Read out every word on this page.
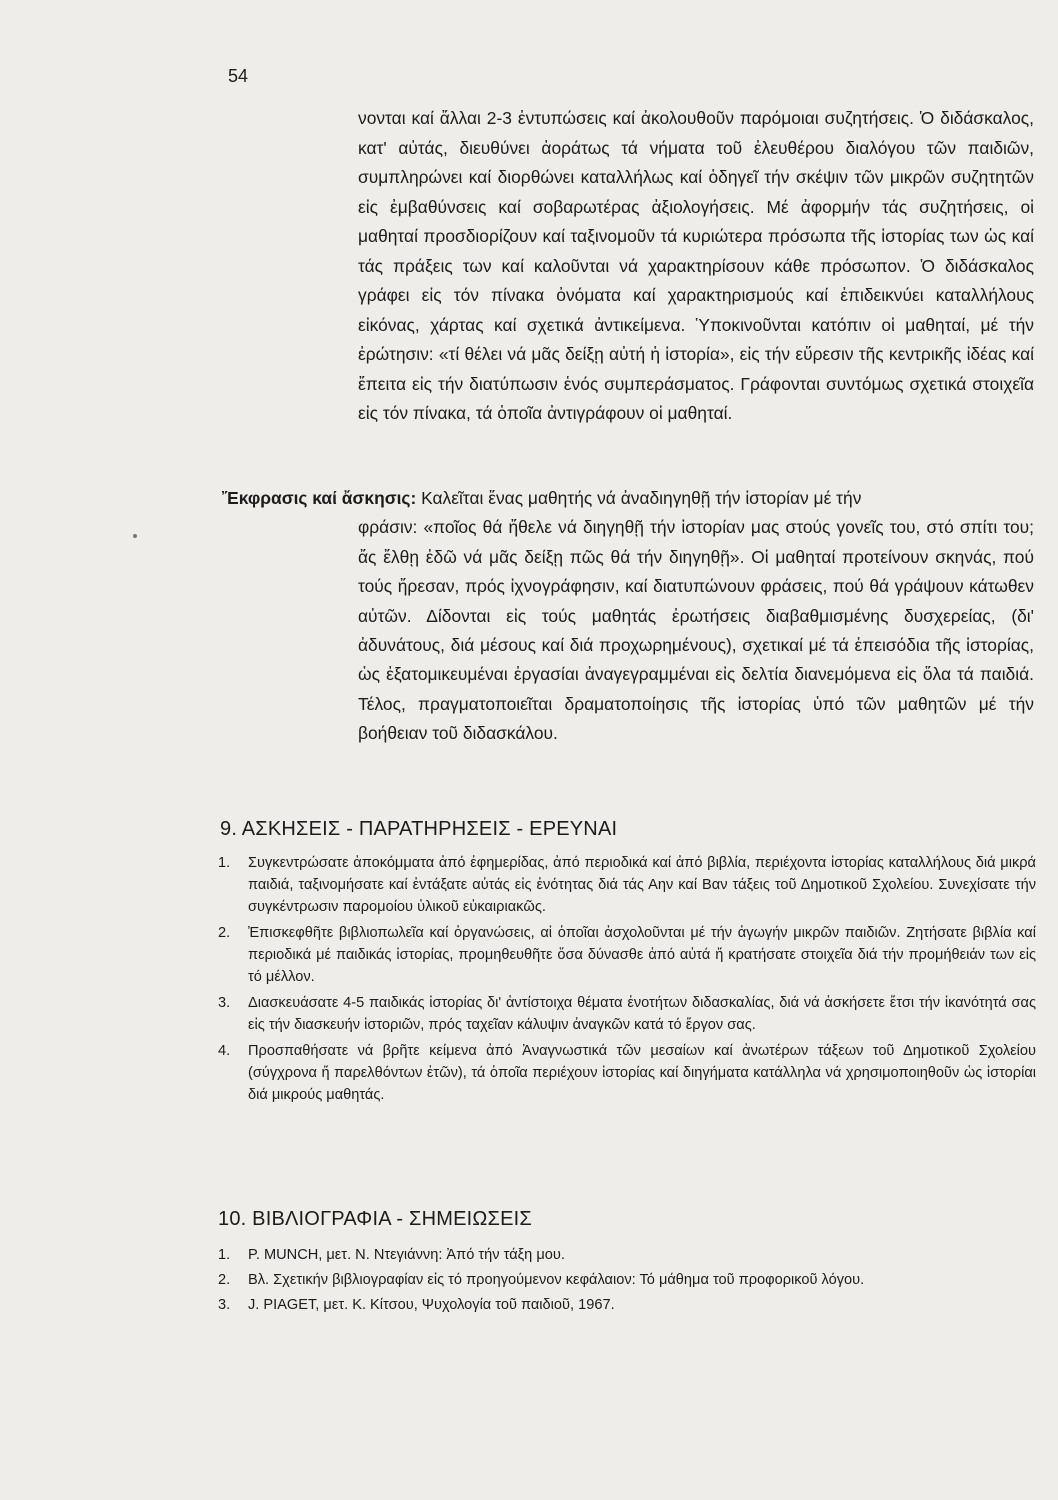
54

νονται καί ἄλλαι 2-3 ἐντυπώσεις καί ἀκολουθοῦν παρόμοιαι συζητήσεις. Ὁ διδάσκαλος, κατ' αὐτάς, διευθύνει ἀοράτως τά νήματα τοῦ ἐλευθέρου διαλόγου τῶν παιδιῶν, συμπληρώνει καί διορθώνει καταλλήλως καί ὁδηγεῖ τήν σκέψιν τῶν μικρῶν συζητητῶν εἰς ἐμβαθύνσεις καί σοβαρωτέρας ἀξιολογήσεις. Μέ ἀφορμήν τάς συζητήσεις, οἱ μαθηταί προσδιορίζουν καί ταξινομοῦν τά κυριώτερα πρόσωπα τῆς ἱστορίας των ὡς καί τάς πράξεις των καί καλοῦνται νά χαρακτηρίσουν κάθε πρόσωπον. Ὁ διδάσκαλος γράφει εἰς τόν πίνακα ὀνόματα καί χαρακτηρισμούς καί ἐπιδεικνύει καταλλήλους εἰκόνας, χάρτας καί σχετικά ἀντικείμενα. Ὑποκινοῦνται κατόπιν οἱ μαθηταί, μέ τήν ἐρώτησιν: «τί θέλει νά μᾶς δείξῃ αὐτή ἡ ἱστορία», εἰς τήν εὕρεσιν τῆς κεντρικῆς ἰδέας καί ἔπειτα εἰς τήν διατύπωσιν ἑνός συμπεράσματος. Γράφονται συντόμως σχετικά στοιχεῖα εἰς τόν πίνακα, τά ὁποῖα ἀντιγράφουν οἱ μαθηταί.

Ἔκφρασις καί ἄσκησις: Καλεῖται ἕνας μαθητής νά ἀναδιηγηθῇ τήν ἱστορίαν μέ τήν
φράσιν: «ποῖος θά ἤθελε νά διηγηθῇ τήν ἱστορίαν μας στούς γονεῖς του, στό σπίτι του; ἄς ἔλθῃ ἐδῶ νά μᾶς δείξῃ πῶς θά τήν διηγηθῇ». Οἱ μαθηταί προτείνουν σκηνάς, πού τούς ἤρεσαν, πρός ἰχνογράφησιν, καί διατυπώνουν φράσεις, πού θά γράψουν κάτωθεν αὐτῶν. Δίδονται εἰς τούς μαθητάς ἐρωτήσεις διαβαθμισμένης δυσχερείας, (δι' ἀδυνάτους, διά μέσους καί διά προχωρημένους), σχετικαί μέ τά ἐπεισόδια τῆς ἱστορίας, ὡς ἐξατομικευμέναι ἐργασίαι ἀναγεγραμμέναι εἰς δελτία διανεμόμενα εἰς ὅλα τά παιδιά. Τέλος, πραγματοποιεῖται δραματοποίησις τῆς ἱστορίας ὑπό τῶν μαθητῶν μέ τήν βοήθειαν τοῦ διδασκάλου.
9. ΑΣΚΗΣΕΙΣ - ΠΑΡΑΤΗΡΗΣΕΙΣ - ΕΡΕΥΝΑΙ
1. Συγκεντρώσατε ἀποκόμματα ἀπό ἐφημερίδας, ἀπό περιοδικά καί ἀπό βιβλία, περιέχοντα ἱστορίας καταλλήλους διά μικρά παιδιά, ταξινομήσατε καί ἐντάξατε αὐτάς εἰς ἑνότητας διά τάς Αην καί Βαν τάξεις τοῦ Δημοτικοῦ Σχολείου. Συνεχίσατε τήν συγκέντρωσιν παρομοίου ὑλικοῦ εὐκαιριακῶς.
2. Ἐπισκεφθῆτε βιβλιοπωλεῖα καί ὀργανώσεις, αἱ ὁποῖαι ἀσχολοῦνται μέ τήν ἀγωγήν μικρῶν παιδιῶν. Ζητήσατε βιβλία καί περιοδικά μέ παιδικάς ἱστορίας, προμηθευθῆτε ὅσα δύνασθε ἀπό αὐτά ἤ κρατήσατε στοιχεῖα διά τήν προμήθειάν των εἰς τό μέλλον.
3. Διασκευάσατε 4-5 παιδικάς ἱστορίας δι' ἀντίστοιχα θέματα ἑνοτήτων διδασκαλίας, διά νά ἀσκήσετε ἔτσι τήν ἱκανότητά σας εἰς τήν διασκευήν ἱστοριῶν, πρός ταχεῖαν κάλυψιν ἀναγκῶν κατά τό ἔργον σας.
4. Προσπαθήσατε νά βρῆτε κείμενα ἀπό Ἀναγνωστικά τῶν μεσαίων καί ἀνωτέρων τάξεων τοῦ Δημοτικοῦ Σχολείου (σύγχρονα ἤ παρελθόντων ἐτῶν), τά ὁποῖα περιέχουν ἱστορίας καί διηγήματα κατάλληλα νά χρησιμοποιηθοῦν ὡς ἱστορίαι διά μικρούς μαθητάς.
10. ΒΙΒΛΙΟΓΡΑΦΙΑ - ΣΗΜΕΙΩΣΕΙΣ
1. P. MUNCH, μετ. Ν. Ντεγιάννη: Ἀπό τήν τάξη μου.
2. Βλ. Σχετικήν βιβλιογραφίαν εἰς τό προηγούμενον κεφάλαιον: Τό μάθημα τοῦ προφορικοῦ λόγου.
3. J. PIAGET, μετ. Κ. Κίτσου, Ψυχολογία τοῦ παιδιοῦ, 1967.
